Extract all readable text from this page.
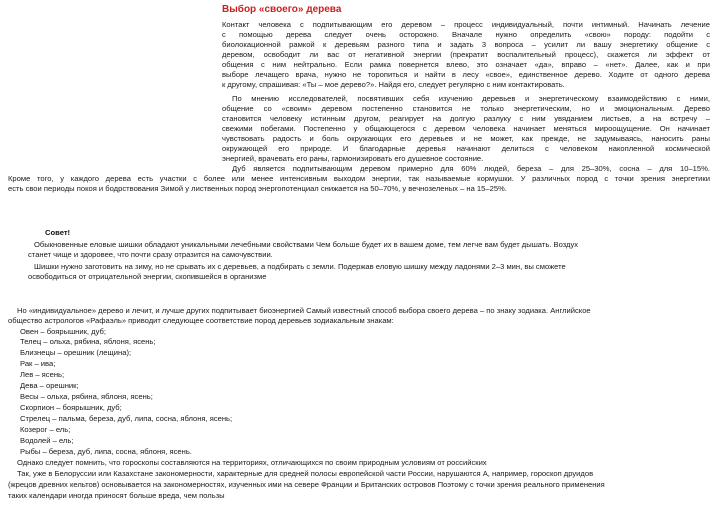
Выбор «своего» дерева
Контакт человека с подпитывающим его деревом – процесс индивидуальный, почти интимный. Начинать лечение
с помощью дерева следует очень осторожно. Вначале нужно определить «свою» породу: подойти с
биолокационной рамкой к деревьям разного типа и задать 3 вопроса – усилит ли вашу энергетику общение с
деревом, освободит ли вас от негативной энергии (прекратит воспалительный процесс), скажется ли эффект от
общения с ним нейтрально. Если рамка повернется влево, это означает «да», вправо – «нет». Далее, как и при
выборе лечащего врача, нужно не торопиться и найти в лесу «свое», единственное дерево. Ходите от одного дерева
к другому, спрашивая: «Ты – мое дерево?». Найдя его, следует регулярно с ним контактировать.
По мнению исследователей, посвятивших себя изучению деревьев и энергетическому взаимодействию с ними,
общение со «своим» деревом постепенно становится не только энергетическим, но и эмоциональным. Дерево
становится человеку истинным другом, реагирует на долгую разлуку с ним увяданием листьев, а на встречу –
свежими побегами. Постепенно у общающегося с деревом человека начинает меняться мироощущение. Он начинает
чувствовать радость и боль окружающих его деревьев и не может, как прежде, не задумываясь, наносить раны
окружающей его природе. И благодарные деревья начинают делиться с человеком накопленной космической
энергией, врачевать его раны, гармонизировать его душевное состояние.
Дуб является подпитывающим деревом примерно для 60% людей, береза – для 25–30%, сосна – для 10–15%.
Кроме того, у каждого дерева есть участки с более или менее интенсивным выходом энергии, так называемые кормушки. У различных пород с точки зрения энергетики
есть свои периоды покоя и бодрствования Зимой у лиственных пород энергопотенциал снижается на 50–70%, у вечнозеленых – на 15–25%.
Совет!
Обыкновенные еловые шишки обладают уникальными лечебными свойствами Чем больше будет их в вашем доме, тем легче вам будет дышать. Воздух
станет чище и здоровее, что почти сразу отразится на самочувствии.
Шишки нужно заготовить на зиму, но не срывать их с деревьев, а подбирать с земли. Подержав еловую шишку между ладонями 2–3 мин, вы сможете
освободиться от отрицательной энергии, скопившейся в организме
Но «индивидуальное» дерево и лечит, и лучше других подпитывает биоэнергией Самый известный способ выбора своего дерева – по знаку зодиака. Английское
общество астрологов «Рафаэль» приводит следующее соответствие пород деревьев зодиакальным знакам:
Овен – боярышник, дуб;
Телец – ольха, рябина, яблоня, ясень;
Близнецы – орешник (лещина);
Рак – ива;
Лев – ясень;
Дева – орешник;
Весы – ольха, рябина, яблоня, ясень;
Скорпион – боярышник, дуб;
Стрелец – пальма, береза, дуб, липа, сосна, яблоня, ясень;
Козерог – ель;
Водолей – ель;
Рыбы – береза, дуб, липа, сосна, яблоня, ясень.
Однако следует помнить, что гороскопы составляются на территориях, отличающихся по своим природным условиям от российских
Так, уже в Белоруссии или Казахстане закономерности, характерные для средней полосы европейской части России, нарушаются А, например, гороскоп друидов
(жрецов древних кельтов) основывается на закономерностях, изученных ими на севере Франции и Британских островов Поэтому с точки зрения реального применения
таких календари иногда приносят больше вреда, чем пользы
